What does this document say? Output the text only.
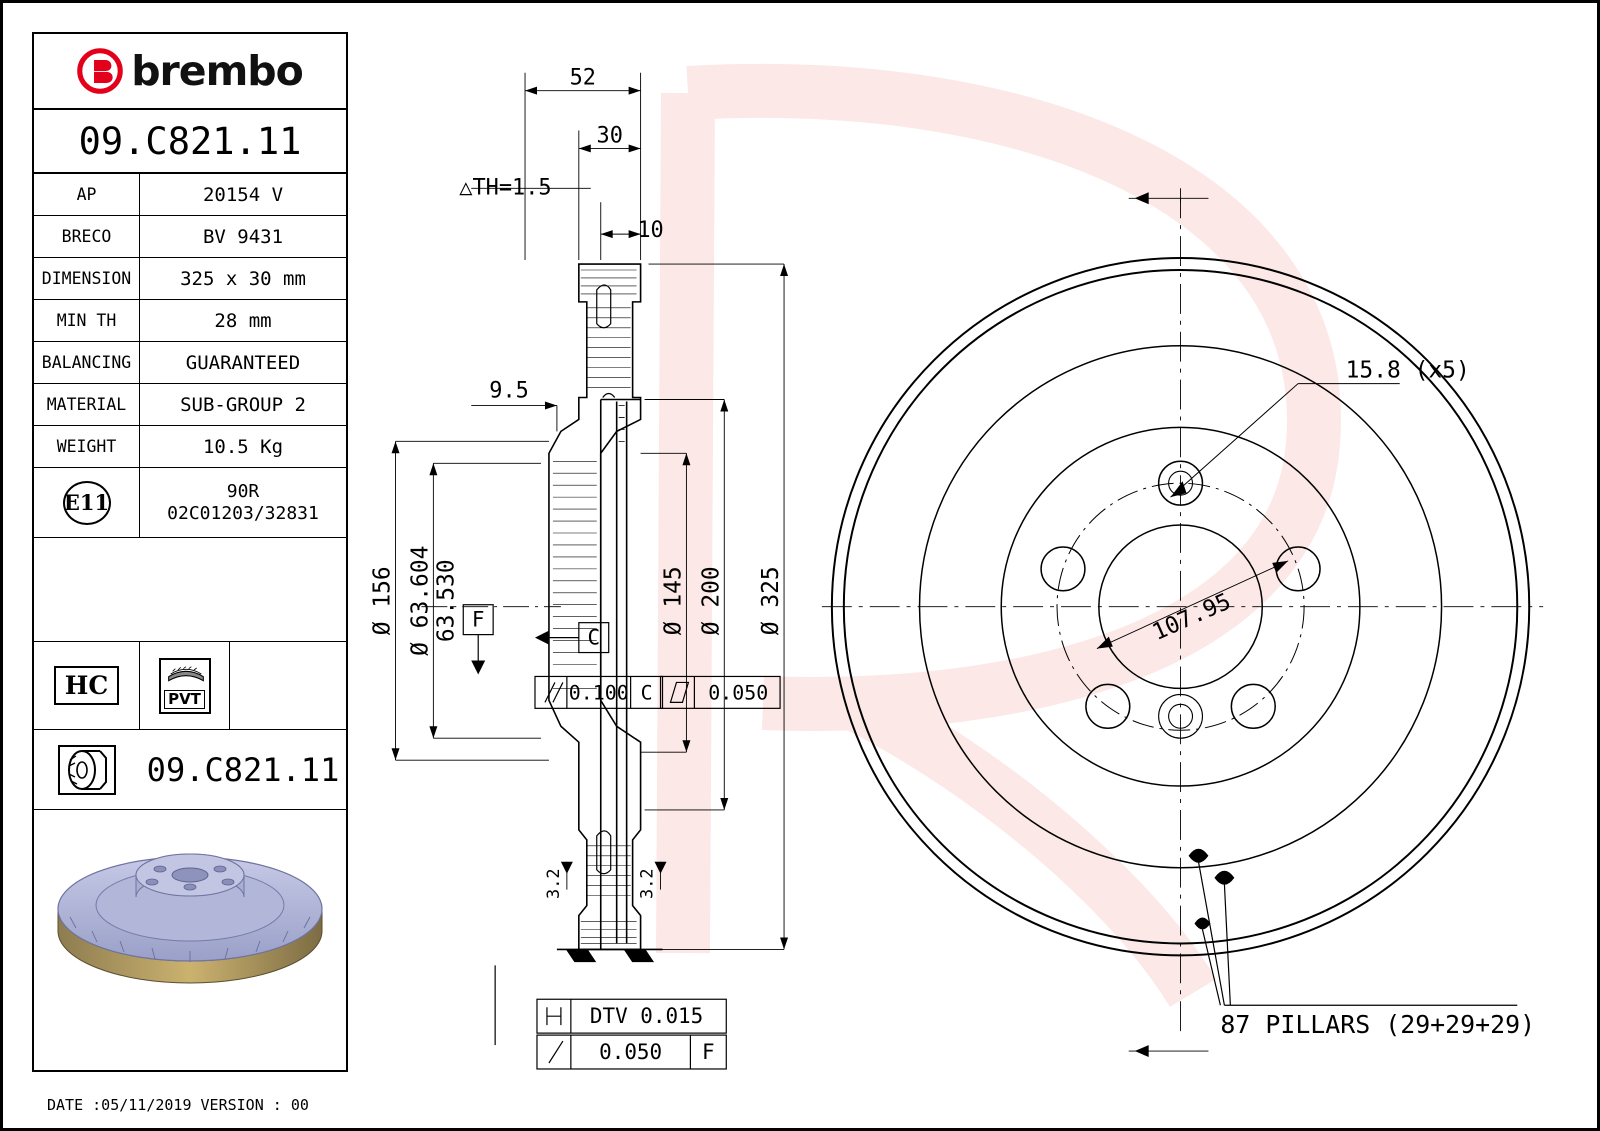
brembo
09.C821.11
AP	20154 V
BRECO	BV 9431
DIMENSION	325 x 30 mm
MIN TH	28 mm
BALANCING	GUARANTEED
MATERIAL	SUB-GROUP 2
WEIGHT	10.5 Kg
E11	90R
02C01203/32831
HC	PVT
09.C821.11
DATE :05/11/2019 VERSION : 00
52
30
10
△TH=1.5
9.5
Ø 156 Ø 63.604 63.530	Ø 145 Ø 200 Ø 325
F
C
0.100 C	0.050
3.2	3.2
DTV 0.015
0.050 F
15.8 (x5)
107.95
87 PILLARS (29+29+29)
